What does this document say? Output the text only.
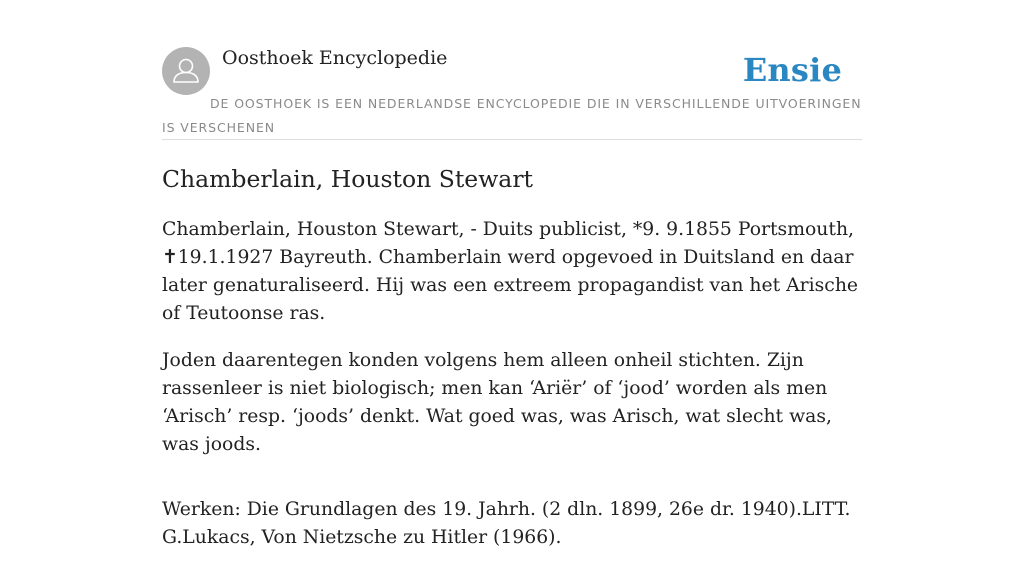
Oosthoek Encyclopedie	Ensie
DE OOSTHOEK IS EEN NEDERLANDSE ENCYCLOPEDIE DIE IN VERSCHILLENDE UITVOERINGEN IS VERSCHENEN
Chamberlain, Houston Stewart

Chamberlain, Houston Stewart, - Duits publicist, *9. 9.1855 Portsmouth, ✝19.1.1927 Bayreuth. Chamberlain werd opgevoed in Duitsland en daar later genaturaliseerd. Hij was een extreem propagandist van het Arische of Teutoonse ras.

Joden daarentegen konden volgens hem alleen onheil stichten. Zijn rassenleer is niet biologisch; men kan ‘Ariër’ of ‘jood’ worden als men ‘Arisch’ resp. ‘joods’ denkt. Wat goed was, was Arisch, wat slecht was, was joods.

Werken: Die Grundlagen des 19. Jahrh. (2 dln. 1899, 26e dr. 1940).LITT. G.Lukacs, Von Nietzsche zu Hitler (1966).
